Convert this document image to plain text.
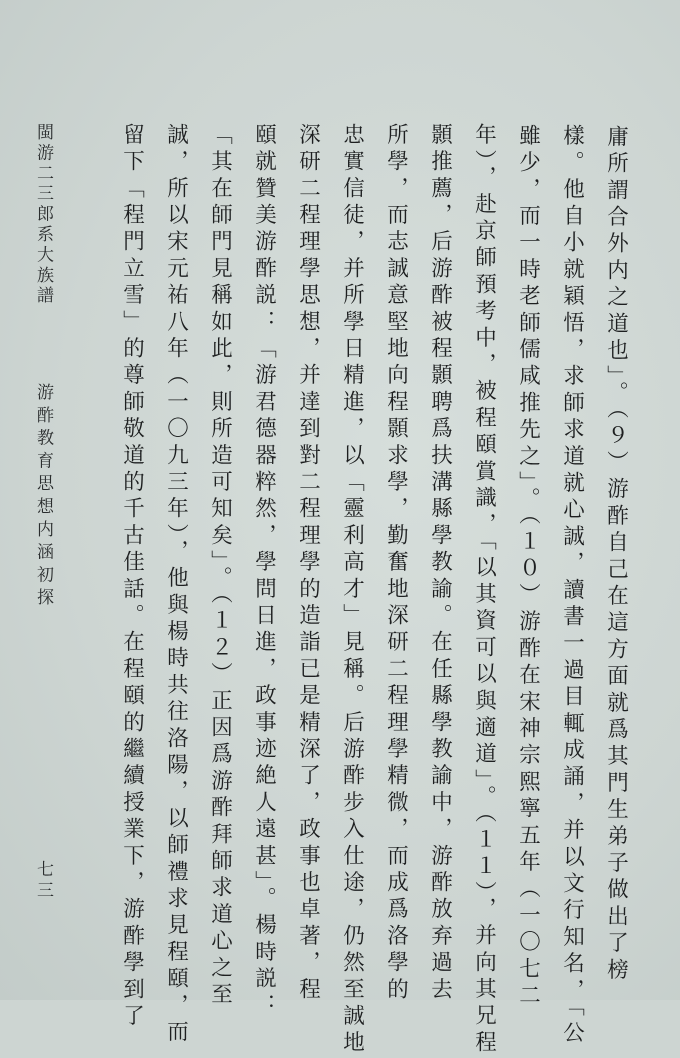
閩游二三郎系大族譜
游酢教育思想内涵初探
七三	庸所謂合外内之道也」。（９）游酢自己在這方面就爲其門生弟子做出了榜
樣。他自小就穎悟，求師求道就心誠，讀書一過目輒成誦，并以文行知名，「公
雖少，而一時老師儒咸推先之」。（１０）游酢在宋神宗熙寧五年（一〇七二
年），赴京師預考中，被程頤賞識，「以其資可以與適道」。（１１），并向其兄程
顥推薦，后游酢被程顥聘爲扶溝縣學教諭。在任縣學教諭中，游酢放弃過去
所學，而志誠意堅地向程顥求學，勤奮地深研二程理學精微，而成爲洛學的
忠實信徒，并所學日精進，以「靈利高才」見稱。后游酢步入仕途，仍然至誠地
深研二程理學思想，并達到對二程理學的造詣已是精深了，政事也卓著，程
頤就贊美游酢説：「游君德器粹然，學問日進，政事迹絶人遠甚」。楊時説：
「其在師門見稱如此，則所造可知矣」。（１２）正因爲游酢拜師求道心之至
誠，所以宋元祐八年（一〇九三年），他與楊時共往洛陽，以師禮求見程頤，而
留下「程門立雪」的尊師敬道的千古佳話。在程頤的繼續授業下，游酢學到了
